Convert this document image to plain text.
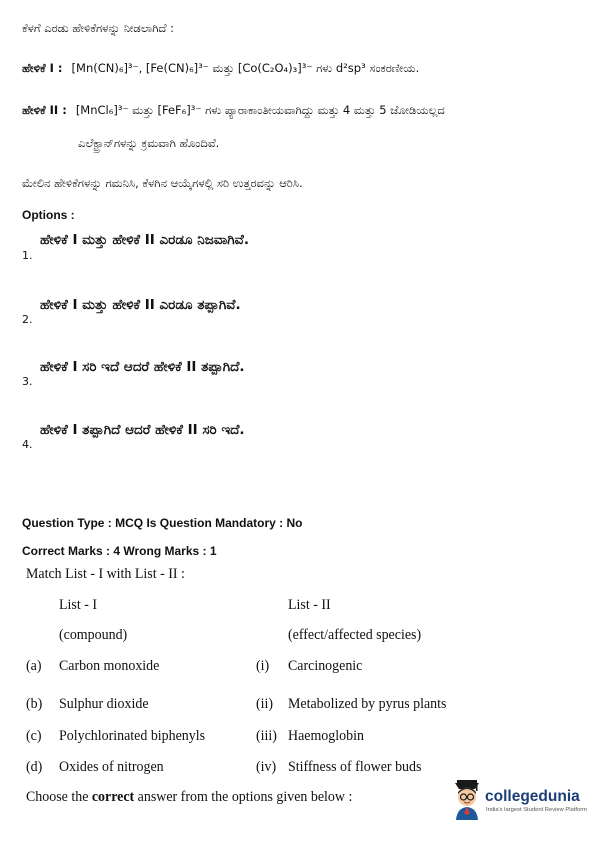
ಕೆಳಗೆ ಎರಡು ಹೇಳಿಕೆಗಳನ್ನು ನೀಡಲಾಗಿದೆ :
ಹೇಳಿಕೆ I : [Mn(CN)₆]³⁻, [Fe(CN)₆]³⁻ ಮತ್ತು [Co(C₂O₄)₃]³⁻ ಗಳು d²sp³ ಸಂಕರಣೀಯ.
ಹೇಳಿಕೆ II : [MnCl₆]³⁻ ಮತ್ತು [FeF₆]³⁻ ಗಳು ಪ್ಯಾರಾಕಾಂತೀಯವಾಗಿದ್ದು ಮತ್ತು 4 ಮತ್ತು 5 ಜೋಡಿಯಲ್ಲದ
ಎಲೆಕ್ಟ್ರಾನ್‌ಗಳನ್ನು ಕ್ರಮವಾಗಿ ಹೊಂದಿವೆ.
ಮೇಲಿನ ಹೇಳಿಕೆಗಳನ್ನು ಗಮನಿಸಿ, ಕೆಳಗಿನ ಆಯ್ಕೆಗಳಲ್ಲಿ ಸರಿ ಉತ್ತರವನ್ನು ಆರಿಸಿ.
Options :
ಹೇಳಿಕೆ I ಮತ್ತು ಹೇಳಿಕೆ II ಎರಡೂ ನಿಜವಾಗಿವೆ.
1.
ಹೇಳಿಕೆ I ಮತ್ತು ಹೇಳಿಕೆ II ಎರಡೂ ತಪ್ಪಾಗಿವೆ.
2.
ಹೇಳಿಕೆ I ಸರಿ ಇದೆ ಆದರೆ ಹೇಳಿಕೆ II ತಪ್ಪಾಗಿದೆ.
3.
ಹೇಳಿಕೆ I ತಪ್ಪಾಗಿದೆ ಆದರೆ ಹೇಳಿಕೆ II ಸರಿ ಇದೆ.
4.
Question Type : MCQ Is Question Mandatory : No
Correct Marks : 4 Wrong Marks : 1
Match List - I with List - II :
List - I	List - II
(compound)	(effect/affected species)
(a) Carbon monoxide	(i) Carcinogenic
(b) Sulphur dioxide	(ii) Metabolized by pyrus plants
(c) Polychlorinated biphenyls	(iii) Haemoglobin
(d) Oxides of nitrogen	(iv) Stiffness of flower buds
Choose the correct answer from the options given below :	collegedunia
India's largest Student Review Platform
